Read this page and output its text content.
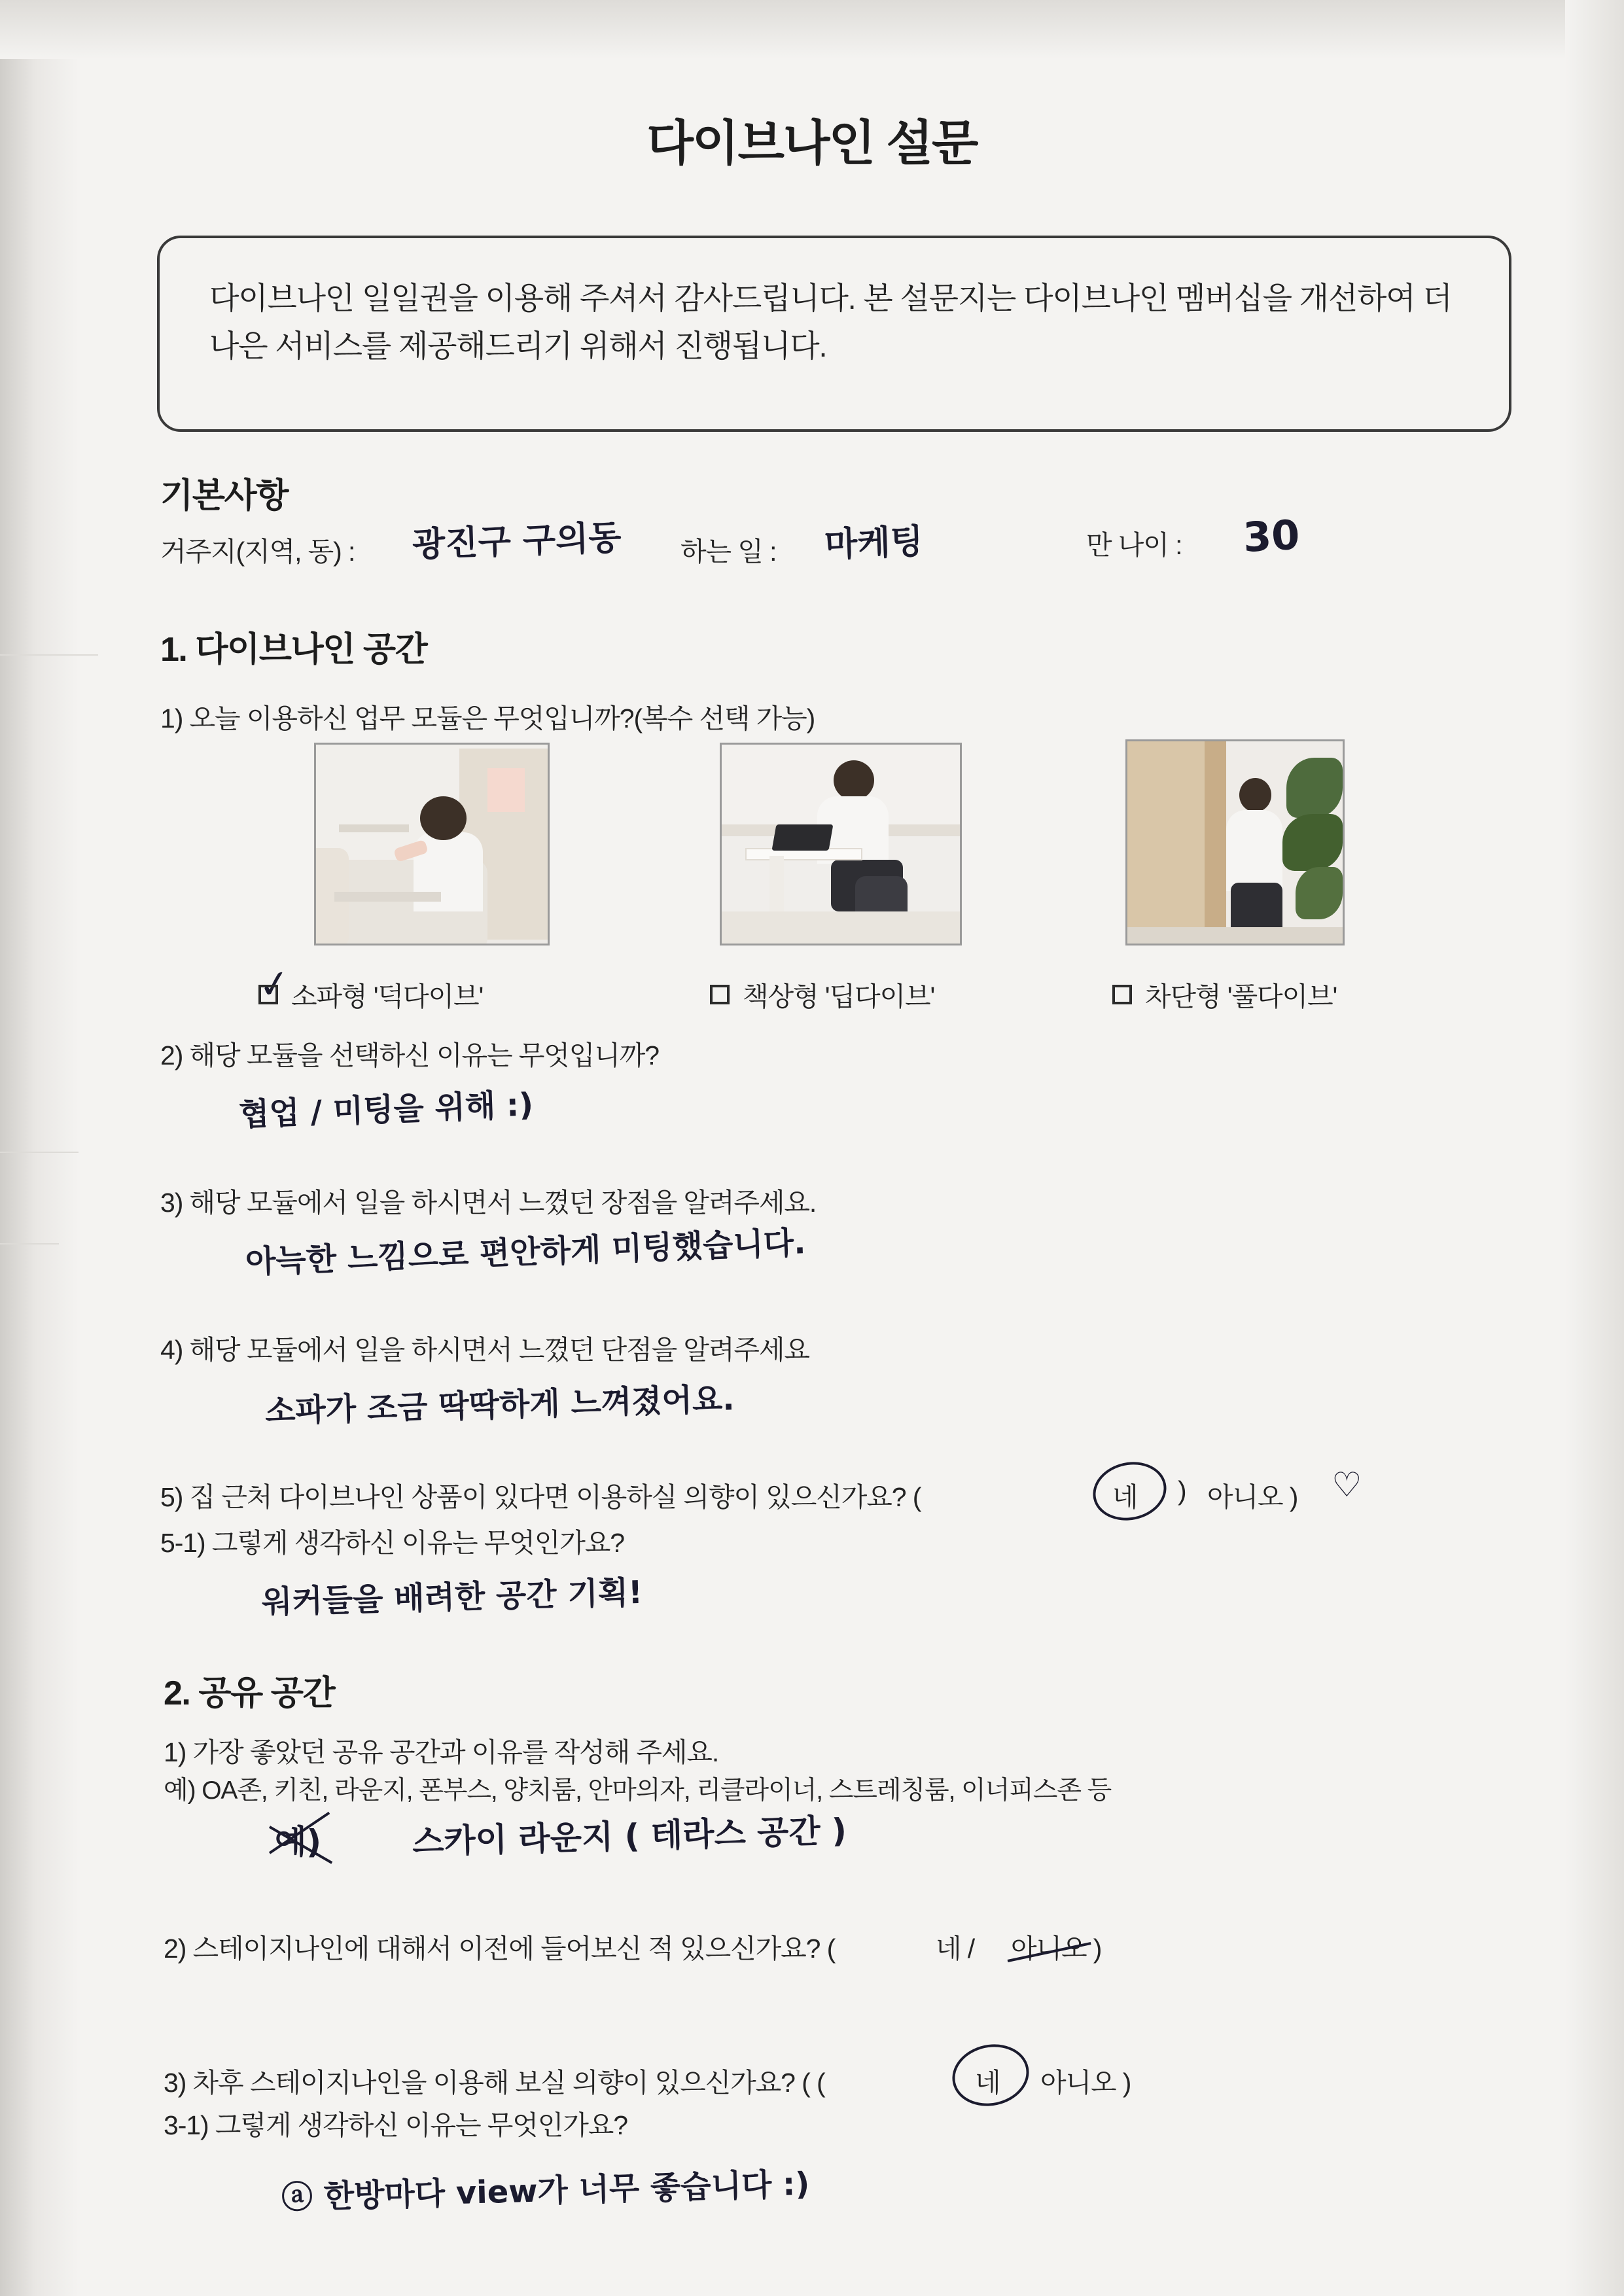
다이브나인 설문
다이브나인 일일권을 이용해 주셔서 감사드립니다. 본 설문지는 다이브나인 멤버십을 개선하여 더 나은 서비스를 제공해드리기 위해서 진행됩니다.
기본사항
거주지(지역, 동) : 광진구 구의동 하는 일 : 마케팅	만 나이 : 30
1. 다이브나인 공간
1) 오늘 이용하신 업무 모듈은 무엇입니까?(복수 선택 가능)
✓
소파형 '덕다이브'	책상형 '딥다이브'	차단형 '풀다이브'
2) 해당 모듈을 선택하신 이유는 무엇입니까?
협업 / 미팅을 위해 :)
3) 해당 모듈에서 일을 하시면서 느꼈던 장점을 알려주세요.
아늑한 느낌으로 편안하게 미팅했습니다.
4) 해당 모듈에서 일을 하시면서 느꼈던 단점을 알려주세요
소파가 조금 딱딱하게 느껴졌어요.
5) 집 근처 다이브나인 상품이 있다면 이용하실 의향이 있으신가요? (	네 ) 아니오 ) ♡
5-1) 그렇게 생각하신 이유는 무엇인가요?
워커들을 배려한 공간 기획!
2. 공유 공간
1) 가장 좋았던 공유 공간과 이유를 작성해 주세요.
예) OA존, 키친, 라운지, 폰부스, 양치룸, 안마의자, 리클라이너, 스트레칭룸, 이너피스존 등
예)	스카이 라운지 ( 테라스 공간 )
2) 스테이지나인에 대해서 이전에 들어보신 적 있으신가요? (	네 / 아니오 )
3) 차후 스테이지나인을 이용해 보실 의향이 있으신가요? ( (	네 아니오 )
3-1) 그렇게 생각하신 이유는 무엇인가요?
ⓐ 한방마다 view가 너무 좋습니다 :)
